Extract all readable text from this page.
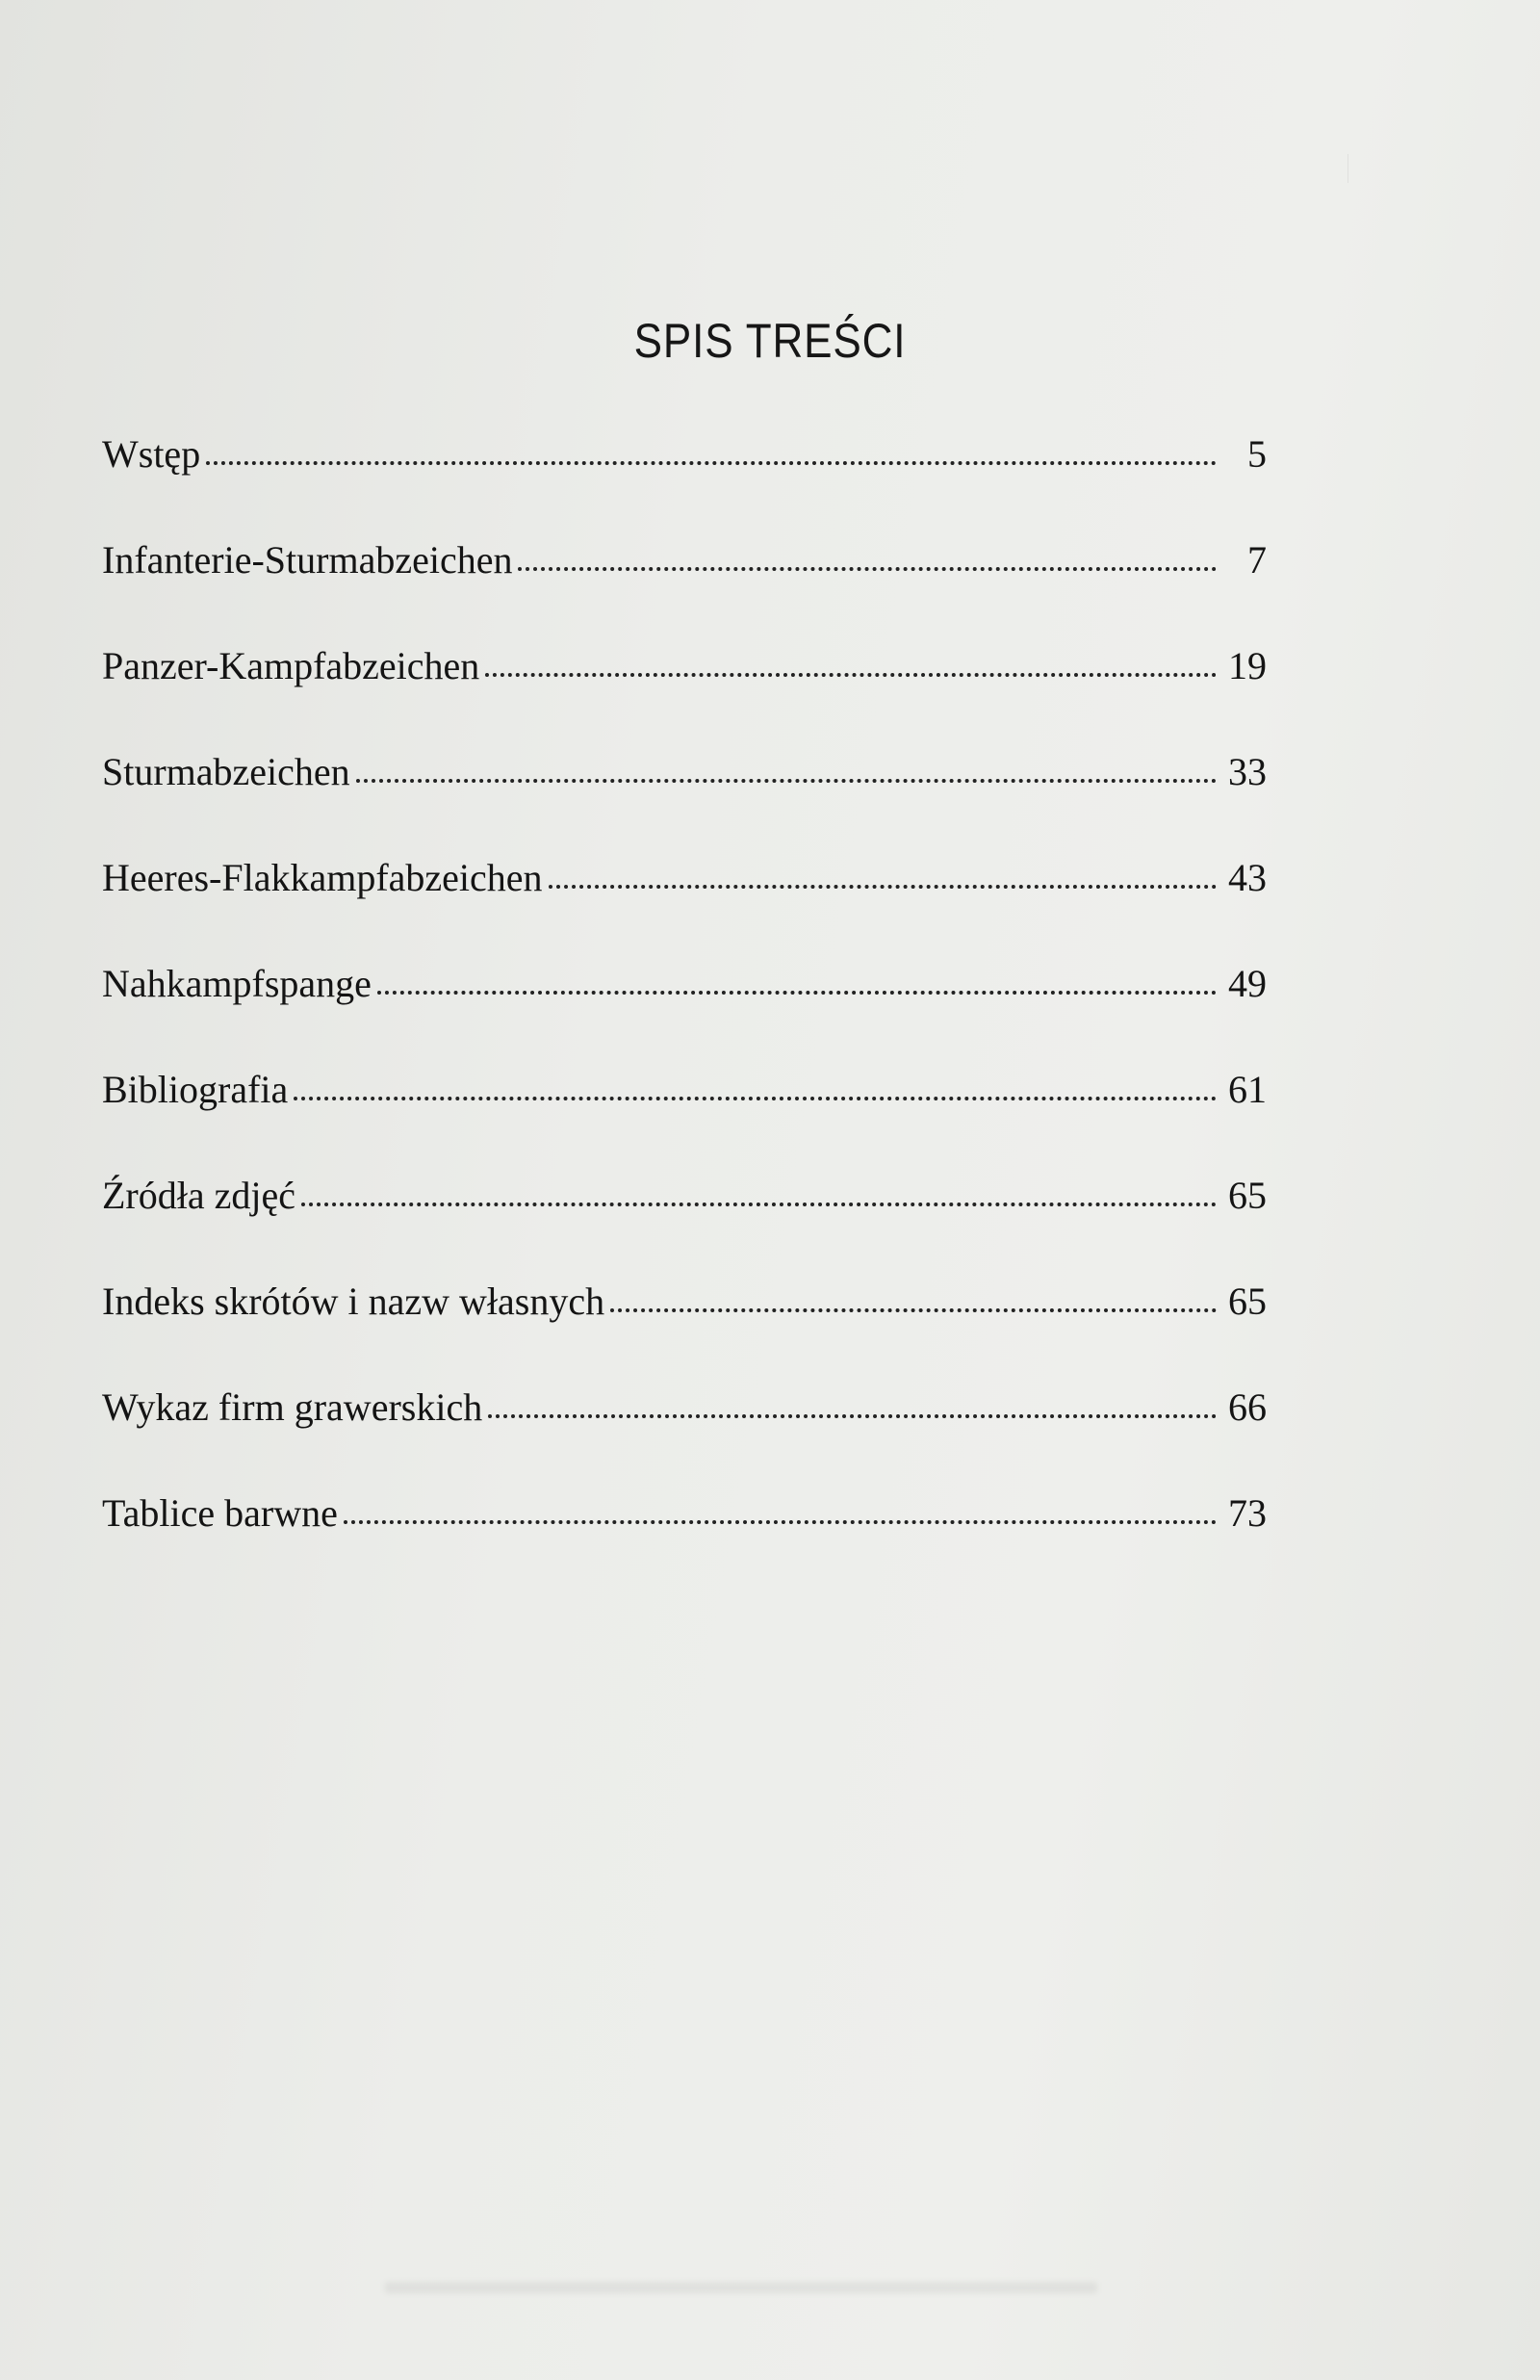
SPIS TREŚCI
Wstęp	5
Infanterie-Sturmabzeichen	7
Panzer-Kampfabzeichen	19
Sturmabzeichen	33
Heeres-Flakkampfabzeichen	43
Nahkampfspange	49
Bibliografia	61
Źródła zdjęć	65
Indeks skrótów i nazw własnych	65
Wykaz firm grawerskich	66
Tablice barwne	73
